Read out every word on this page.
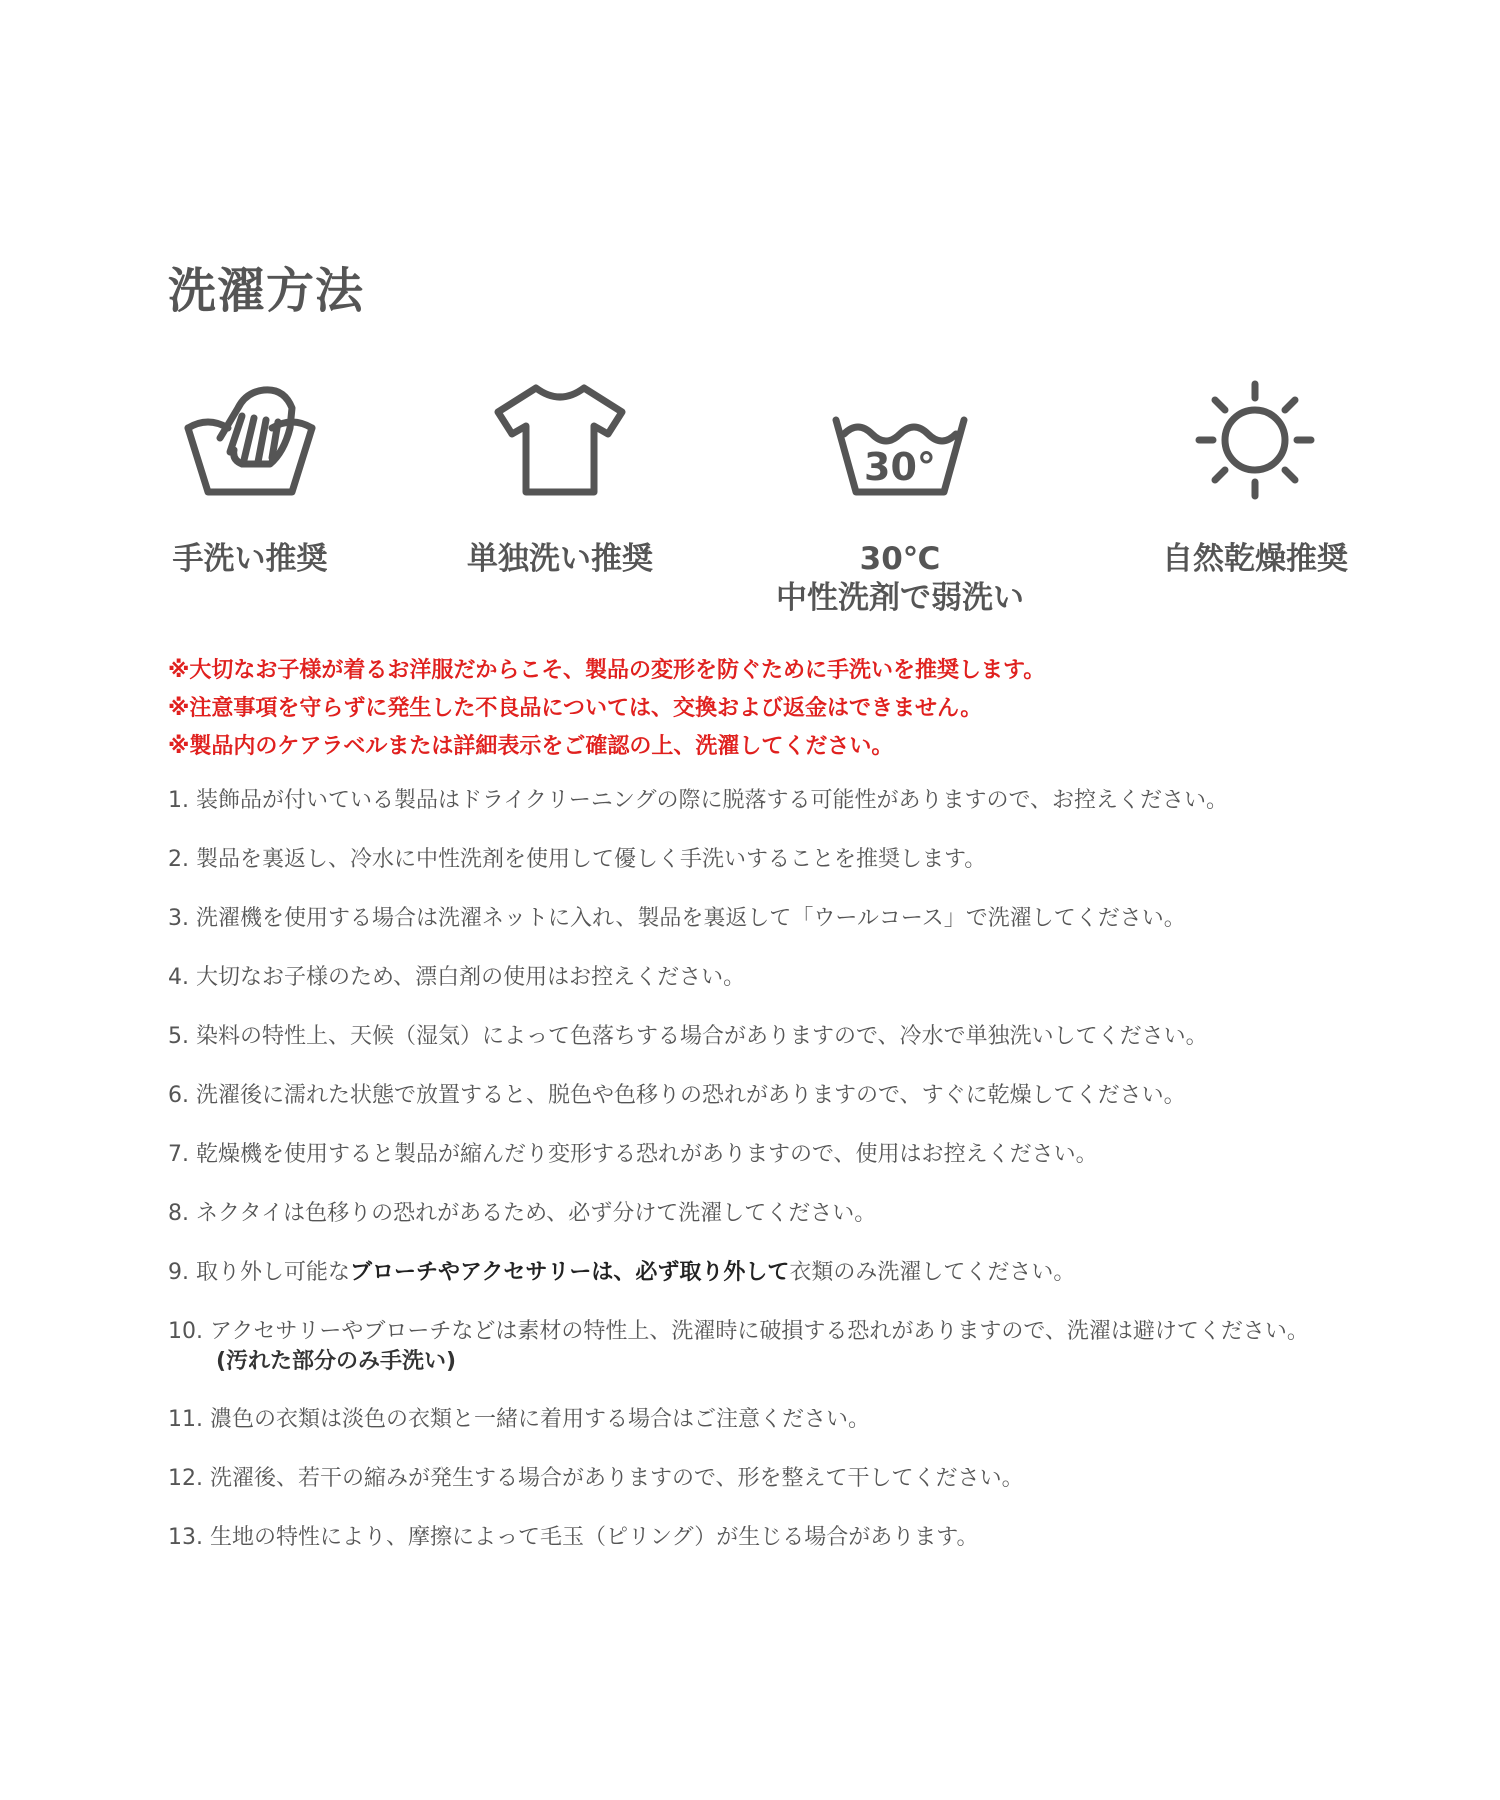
洗濯方法
手洗い推奨	単独洗い推奨
30°
30℃
中性洗剤で弱洗い
自然乾燥推奨
※大切なお子様が着るお洋服だからこそ、製品の変形を防ぐために手洗いを推奨します。
※注意事項を守らずに発生した不良品については、交換および返金はできません。
※製品内のケアラベルまたは詳細表示をご確認の上、洗濯してください。
1. 装飾品が付いている製品はドライクリーニングの際に脱落する可能性がありますので、お控えください。
2. 製品を裏返し、冷水に中性洗剤を使用して優しく手洗いすることを推奨します。
3. 洗濯機を使用する場合は洗濯ネットに入れ、製品を裏返して「ウールコース」で洗濯してください。
4. 大切なお子様のため、漂白剤の使用はお控えください。
5. 染料の特性上、天候（湿気）によって色落ちする場合がありますので、冷水で単独洗いしてください。
6. 洗濯後に濡れた状態で放置すると、脱色や色移りの恐れがありますので、すぐに乾燥してください。
7. 乾燥機を使用すると製品が縮んだり変形する恐れがありますので、使用はお控えください。
8. ネクタイは色移りの恐れがあるため、必ず分けて洗濯してください。
9. 取り外し可能なブローチやアクセサリーは、必ず取り外して衣類のみ洗濯してください。
10. アクセサリーやブローチなどは素材の特性上、洗濯時に破損する恐れがありますので、洗濯は避けてください。
(汚れた部分のみ手洗い)
11. 濃色の衣類は淡色の衣類と一緒に着用する場合はご注意ください。
12. 洗濯後、若干の縮みが発生する場合がありますので、形を整えて干してください。
13. 生地の特性により、摩擦によって毛玉（ピリング）が生じる場合があります。
